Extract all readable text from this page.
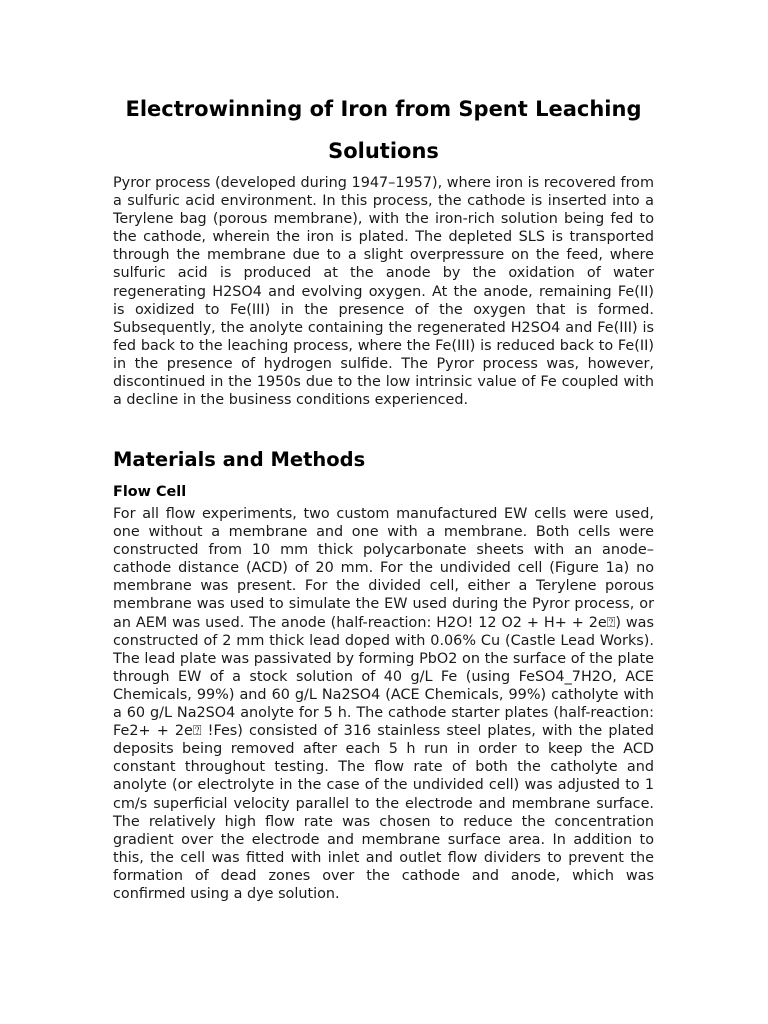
Electrowinning of Iron from Spent Leaching Solutions

Pyror process (developed during 1947–1957), where iron is recovered from a sulfuric acid environment. In this process, the cathode is inserted into a Terylene bag (porous membrane), with the iron-rich solution being fed to the cathode, wherein the iron is plated. The depleted SLS is transported through the membrane due to a slight overpressure on the feed, where sulfuric acid is produced at the anode by the oxidation of water regenerating H2SO4 and evolving oxygen. At the anode, remaining Fe(II) is oxidized to Fe(III) in the presence of the oxygen that is formed. Subsequently, the anolyte containing the regenerated H2SO4 and Fe(III) is fed back to the leaching process, where the Fe(III) is reduced back to Fe(II) in the presence of hydrogen sulfide. The Pyror process was, however, discontinued in the 1950s due to the low intrinsic value of Fe coupled with a decline in the business conditions experienced.

Materials and Methods
Flow Cell

For all flow experiments, two custom manufactured EW cells were used, one without a membrane and one with a membrane. Both cells were constructed from 10 mm thick polycarbonate sheets with an anode–cathode distance (ACD) of 20 mm. For the undivided cell (Figure 1a) no membrane was present. For the divided cell, either a Terylene porous membrane was used to simulate the EW used during the Pyror process, or an AEM was used. The anode (half-reaction: H2O! 12 O2 + H+ + 2e⍰) was constructed of 2 mm thick lead doped with 0.06% Cu (Castle Lead Works). The lead plate was passivated by forming PbO2 on the surface of the plate through EW of a stock solution of 40 g/L Fe (using FeSO4_7H2O, ACE Chemicals, 99%) and 60 g/L Na2SO4 (ACE Chemicals, 99%) catholyte with a 60 g/L Na2SO4 anolyte for 5 h. The cathode starter plates (half-reaction: Fe2+ + 2e⍰ !Fes) consisted of 316 stainless steel plates, with the plated deposits being removed after each 5 h run in order to keep the ACD constant throughout testing. The flow rate of both the catholyte and anolyte (or electrolyte in the case of the undivided cell) was adjusted to 1 cm/s superficial velocity parallel to the electrode and membrane surface. The relatively high flow rate was chosen to reduce the concentration gradient over the electrode and membrane surface area. In addition to this, the cell was fitted with inlet and outlet flow dividers to prevent the formation of dead zones over the cathode and anode, which was confirmed using a dye solution.
